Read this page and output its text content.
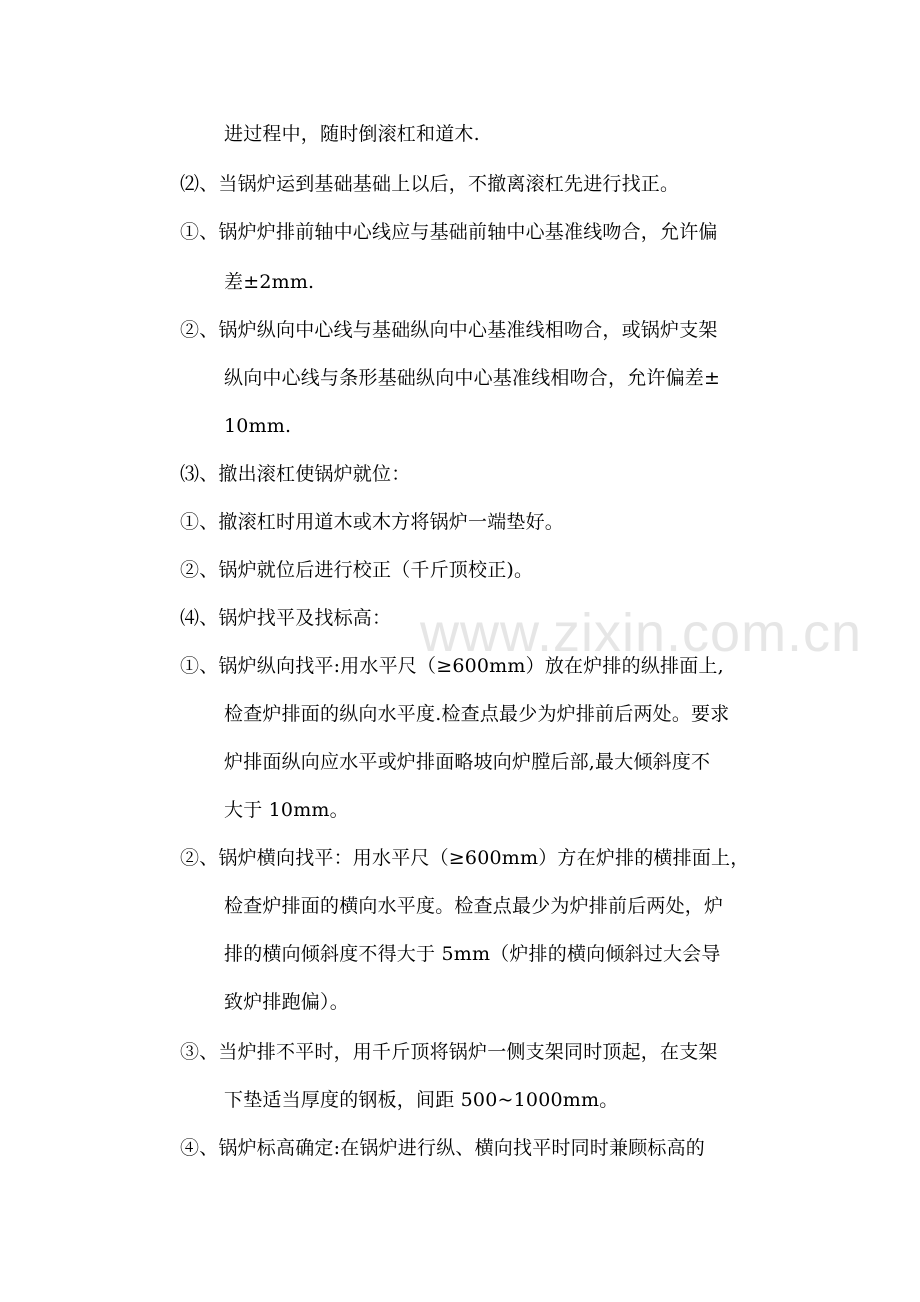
www.zixin.com.cn
进过程中，随时倒滚杠和道木.
⑵、当锅炉运到基础基础上以后，不撤离滚杠先进行找正。
①、锅炉炉排前轴中心线应与基础前轴中心基准线吻合，允许偏
差±2mm.
②、锅炉纵向中心线与基础纵向中心基准线相吻合，或锅炉支架
纵向中心线与条形基础纵向中心基准线相吻合，允许偏差±
10mm.
⑶、撤出滚杠使锅炉就位：
①、撤滚杠时用道木或木方将锅炉一端垫好。
②、锅炉就位后进行校正（千斤顶校正)。
⑷、锅炉找平及找标高：
①、锅炉纵向找平:用水平尺（≥600mm）放在炉排的纵排面上,
检查炉排面的纵向水平度.检查点最少为炉排前后两处。要求
炉排面纵向应水平或炉排面略坡向炉膛后部,最大倾斜度不
大于 10mm。
②、锅炉横向找平：用水平尺（≥600mm）方在炉排的横排面上，
检查炉排面的横向水平度。检查点最少为炉排前后两处，炉
排的横向倾斜度不得大于 5mm（炉排的横向倾斜过大会导
致炉排跑偏）。
③、当炉排不平时，用千斤顶将锅炉一侧支架同时顶起，在支架
下垫适当厚度的钢板，间距 500~1000mm。
④、锅炉标高确定:在锅炉进行纵、横向找平时同时兼顾标高的
